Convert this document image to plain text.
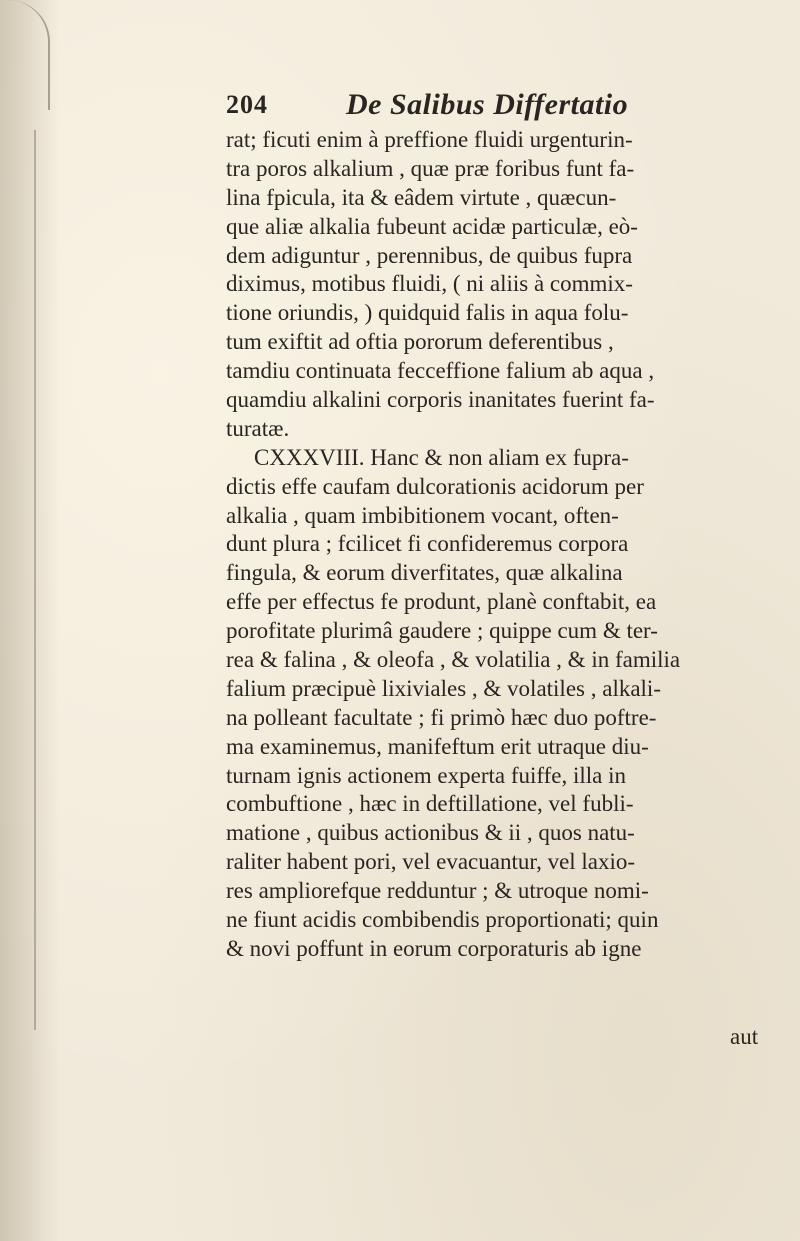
204	De Salibus Differtatio
rat; ficuti enim à preffione fluidi urgenturin-
tra poros alkalium , quæ præ foribus funt fa-
lina fpicula, ita & eâdem virtute , quæcun-
que aliæ alkalia fubeunt acidæ particulæ, eò-
dem adiguntur , perennibus, de quibus fupra
diximus, motibus fluidi, ( ni aliis à commix-
tione oriundis, ) quidquid falis in aqua folu-
tum exiftit ad oftia pororum deferentibus ,
tamdiu continuata fecceffione falium ab aqua ,
quamdiu alkalini corporis inanitates fuerint fa-
turatæ.
CXXXVIII. Hanc & non aliam ex fupra-
dictis effe caufam dulcorationis acidorum per
alkalia , quam imbibitionem vocant, often-
dunt plura ; fcilicet fi confideremus corpora
fingula, & eorum diverfitates, quæ alkalina
effe per effectus fe produnt, planè conftabit, ea
porofitate plurimâ gaudere ; quippe cum & ter-
rea & falina , & oleofa , & volatilia , & in familia
falium præcipuè lixiviales , & volatiles , alkali-
na polleant facultate ; fi primò hæc duo poftre-
ma examinemus, manifeftum erit utraque diu-
turnam ignis actionem experta fuiffe, illa in
combuftione , hæc in deftillatione, vel fubli-
matione , quibus actionibus & ii , quos natu-
raliter habent pori, vel evacuantur, vel laxio-
res ampliorefque redduntur ; & utroque nomi-
ne fiunt acidis combibendis proportionati; quin
& novi poffunt in eorum corporaturis ab igne
aut
